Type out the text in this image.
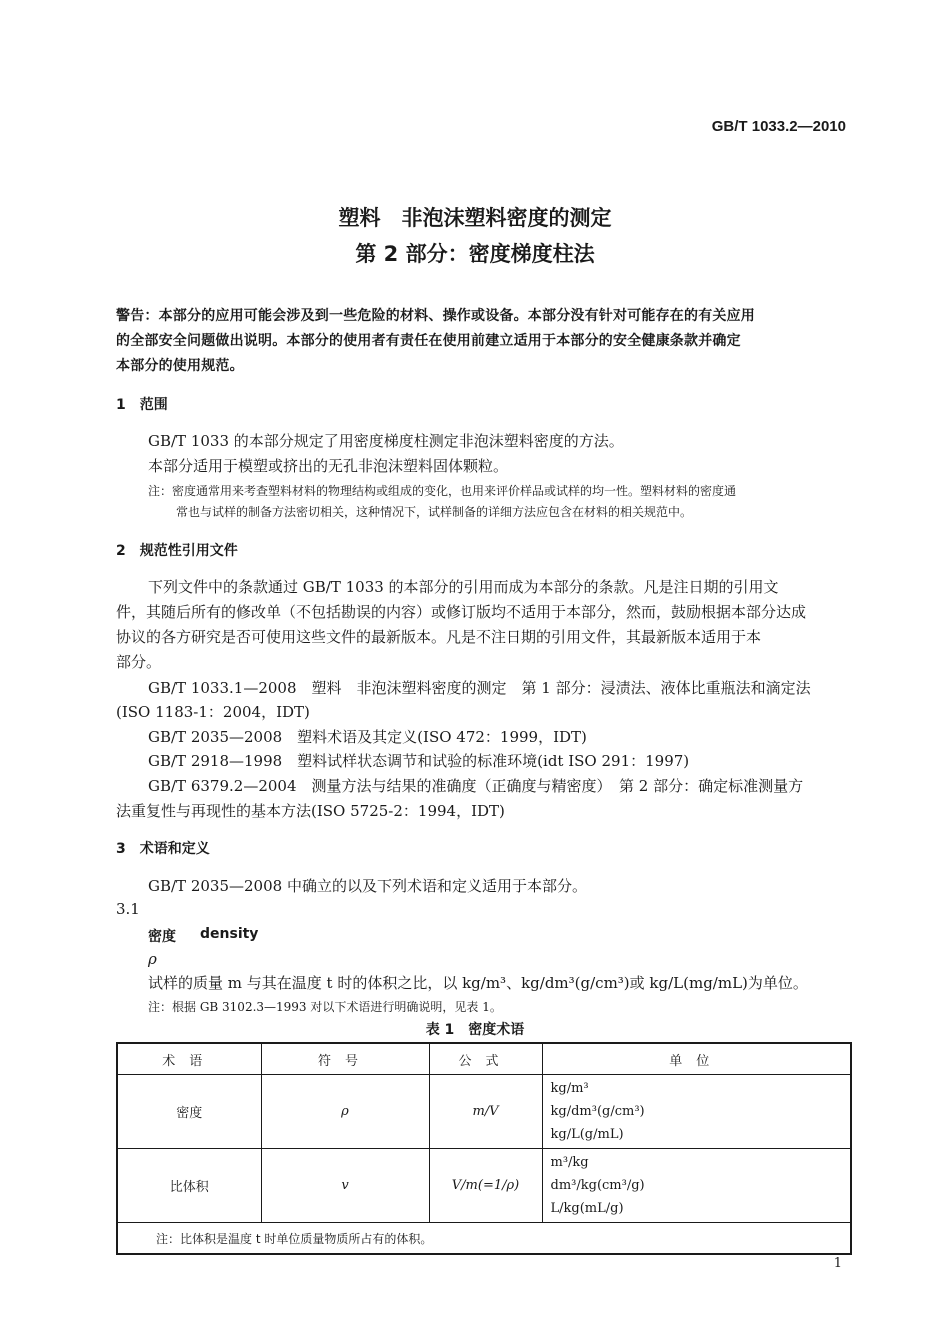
GB/T 1033.2—2010
塑料　非泡沫塑料密度的测定
第 2 部分：密度梯度柱法
警告：本部分的应用可能会涉及到一些危险的材料、操作或设备。本部分没有针对可能存在的有关应用
的全部安全问题做出说明。本部分的使用者有责任在使用前建立适用于本部分的安全健康条款并确定
本部分的使用规范。
1　范围
GB/T 1033 的本部分规定了用密度梯度柱测定非泡沫塑料密度的方法。
本部分适用于模塑或挤出的无孔非泡沫塑料固体颗粒。
注：密度通常用来考查塑料材料的物理结构或组成的变化，也用来评价样品或试样的均一性。塑料材料的密度通
常也与试样的制备方法密切相关，这种情况下，试样制备的详细方法应包含在材料的相关规范中。
2　规范性引用文件
下列文件中的条款通过 GB/T 1033 的本部分的引用而成为本部分的条款。凡是注日期的引用文
件，其随后所有的修改单（不包括勘误的内容）或修订版均不适用于本部分，然而，鼓励根据本部分达成
协议的各方研究是否可使用这些文件的最新版本。凡是不注日期的引用文件，其最新版本适用于本
部分。
GB/T 1033.1—2008　塑料　非泡沫塑料密度的测定　第 1 部分：浸渍法、液体比重瓶法和滴定法
(ISO 1183-1：2004，IDT)
GB/T 2035—2008　塑料术语及其定义(ISO 472：1999，IDT)
GB/T 2918—1998　塑料试样状态调节和试验的标准环境(idt ISO 291：1997)
GB/T 6379.2—2004　测量方法与结果的准确度（正确度与精密度）　第 2 部分：确定标准测量方
法重复性与再现性的基本方法(ISO 5725-2：1994，IDT)
3　术语和定义
GB/T 2035—2008 中确立的以及下列术语和定义适用于本部分。
3.1
密度 density
ρ
试样的质量 m 与其在温度 t 时的体积之比，以 kg/m³、kg/dm³(g/cm³)或 kg/L(mg/mL)为单位。
注：根据 GB 3102.3—1993 对以下术语进行明确说明，见表 1。
表 1　密度术语
术语	符号	公式	单位
密度	ρ	m/V	kg/m³
kg/dm³(g/cm³)
kg/L(g/mL)

比体积	v	V/m(=1/ρ)	m³/kg
dm³/kg(cm³/g)
L/kg(mL/g)

注：比体积是温度 t 时单位质量物质所占有的体积。			
1
